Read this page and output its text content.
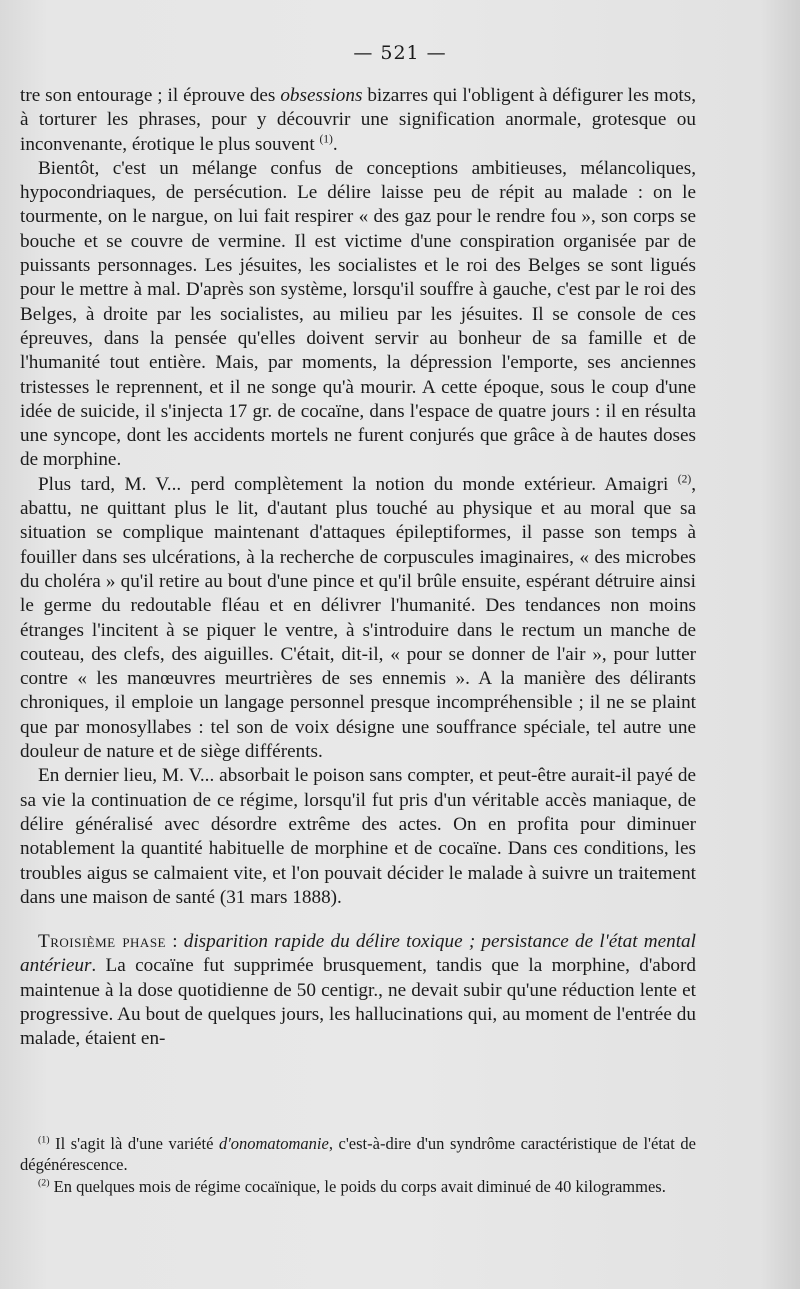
— 521 —

tre son entourage ; il éprouve des obsessions bizarres qui l'obligent à défigurer les mots, à torturer les phrases, pour y découvrir une signification anormale, grotesque ou inconvenante, érotique le plus souvent $^{(1)}$.

Bientôt, c'est un mélange confus de conceptions ambitieuses, mélancoliques, hypocondriaques, de persécution. Le délire laisse peu de répit au malade : on le tourmente, on le nargue, on lui fait respirer « des gaz pour le rendre fou », son corps se bouche et se couvre de vermine. Il est victime d'une conspiration organisée par de puissants personnages. Les jésuites, les socialistes et le roi des Belges se sont ligués pour le mettre à mal. D'après son système, lorsqu'il souffre à gauche, c'est par le roi des Belges, à droite par les socialistes, au milieu par les jésuites. Il se console de ces épreuves, dans la pensée qu'elles doivent servir au bonheur de sa famille et de l'humanité tout entière. Mais, par moments, la dépression l'emporte, ses anciennes tristesses le reprennent, et il ne songe qu'à mourir. A cette époque, sous le coup d'une idée de suicide, il s'injecta 17 gr. de cocaïne, dans l'espace de quatre jours : il en résulta une syncope, dont les accidents mortels ne furent conjurés que grâce à de hautes doses de morphine.

Plus tard, M. V... perd complètement la notion du monde extérieur. Amaigri $^{(2)}$, abattu, ne quittant plus le lit, d'autant plus touché au physique et au moral que sa situation se complique maintenant d'attaques épileptiformes, il passe son temps à fouiller dans ses ulcérations, à la recherche de corpuscules imaginaires, « des microbes du choléra » qu'il retire au bout d'une pince et qu'il brûle ensuite, espérant détruire ainsi le germe du redoutable fléau et en délivrer l'humanité. Des tendances non moins étranges l'incitent à se piquer le ventre, à s'introduire dans le rectum un manche de couteau, des clefs, des aiguilles. C'était, dit-il, « pour se donner de l'air », pour lutter contre « les manœuvres meurtrières de ses ennemis ». A la manière des délirants chroniques, il emploie un langage personnel presque incompréhensible ; il ne se plaint que par monosyllabes : tel son de voix désigne une souffrance spéciale, tel autre une douleur de nature et de siège différents.

En dernier lieu, M. V... absorbait le poison sans compter, et peut-être aurait-il payé de sa vie la continuation de ce régime, lorsqu'il fut pris d'un véritable accès maniaque, de délire généralisé avec désordre extrême des actes. On en profita pour diminuer notablement la quantité habituelle de morphine et de cocaïne. Dans ces conditions, les troubles aigus se calmaient vite, et l'on pouvait décider le malade à suivre un traitement dans une maison de santé (31 mars 1888).

Troisième phase : disparition rapide du délire toxique ; persistance de l'état mental antérieur. La cocaïne fut supprimée brusquement, tandis que la morphine, d'abord maintenue à la dose quotidienne de 50 centigr., ne devait subir qu'une réduction lente et progressive. Au bout de quelques jours, les hallucinations qui, au moment de l'entrée du malade, étaient en-

$^{(1)}$ Il s'agit là d'une variété d'onomatomanie, c'est-à-dire d'un syndrôme caractéristique de l'état de dégénérescence.

$^{(2)}$ En quelques mois de régime cocaïnique, le poids du corps avait diminué de 40 kilogrammes.
